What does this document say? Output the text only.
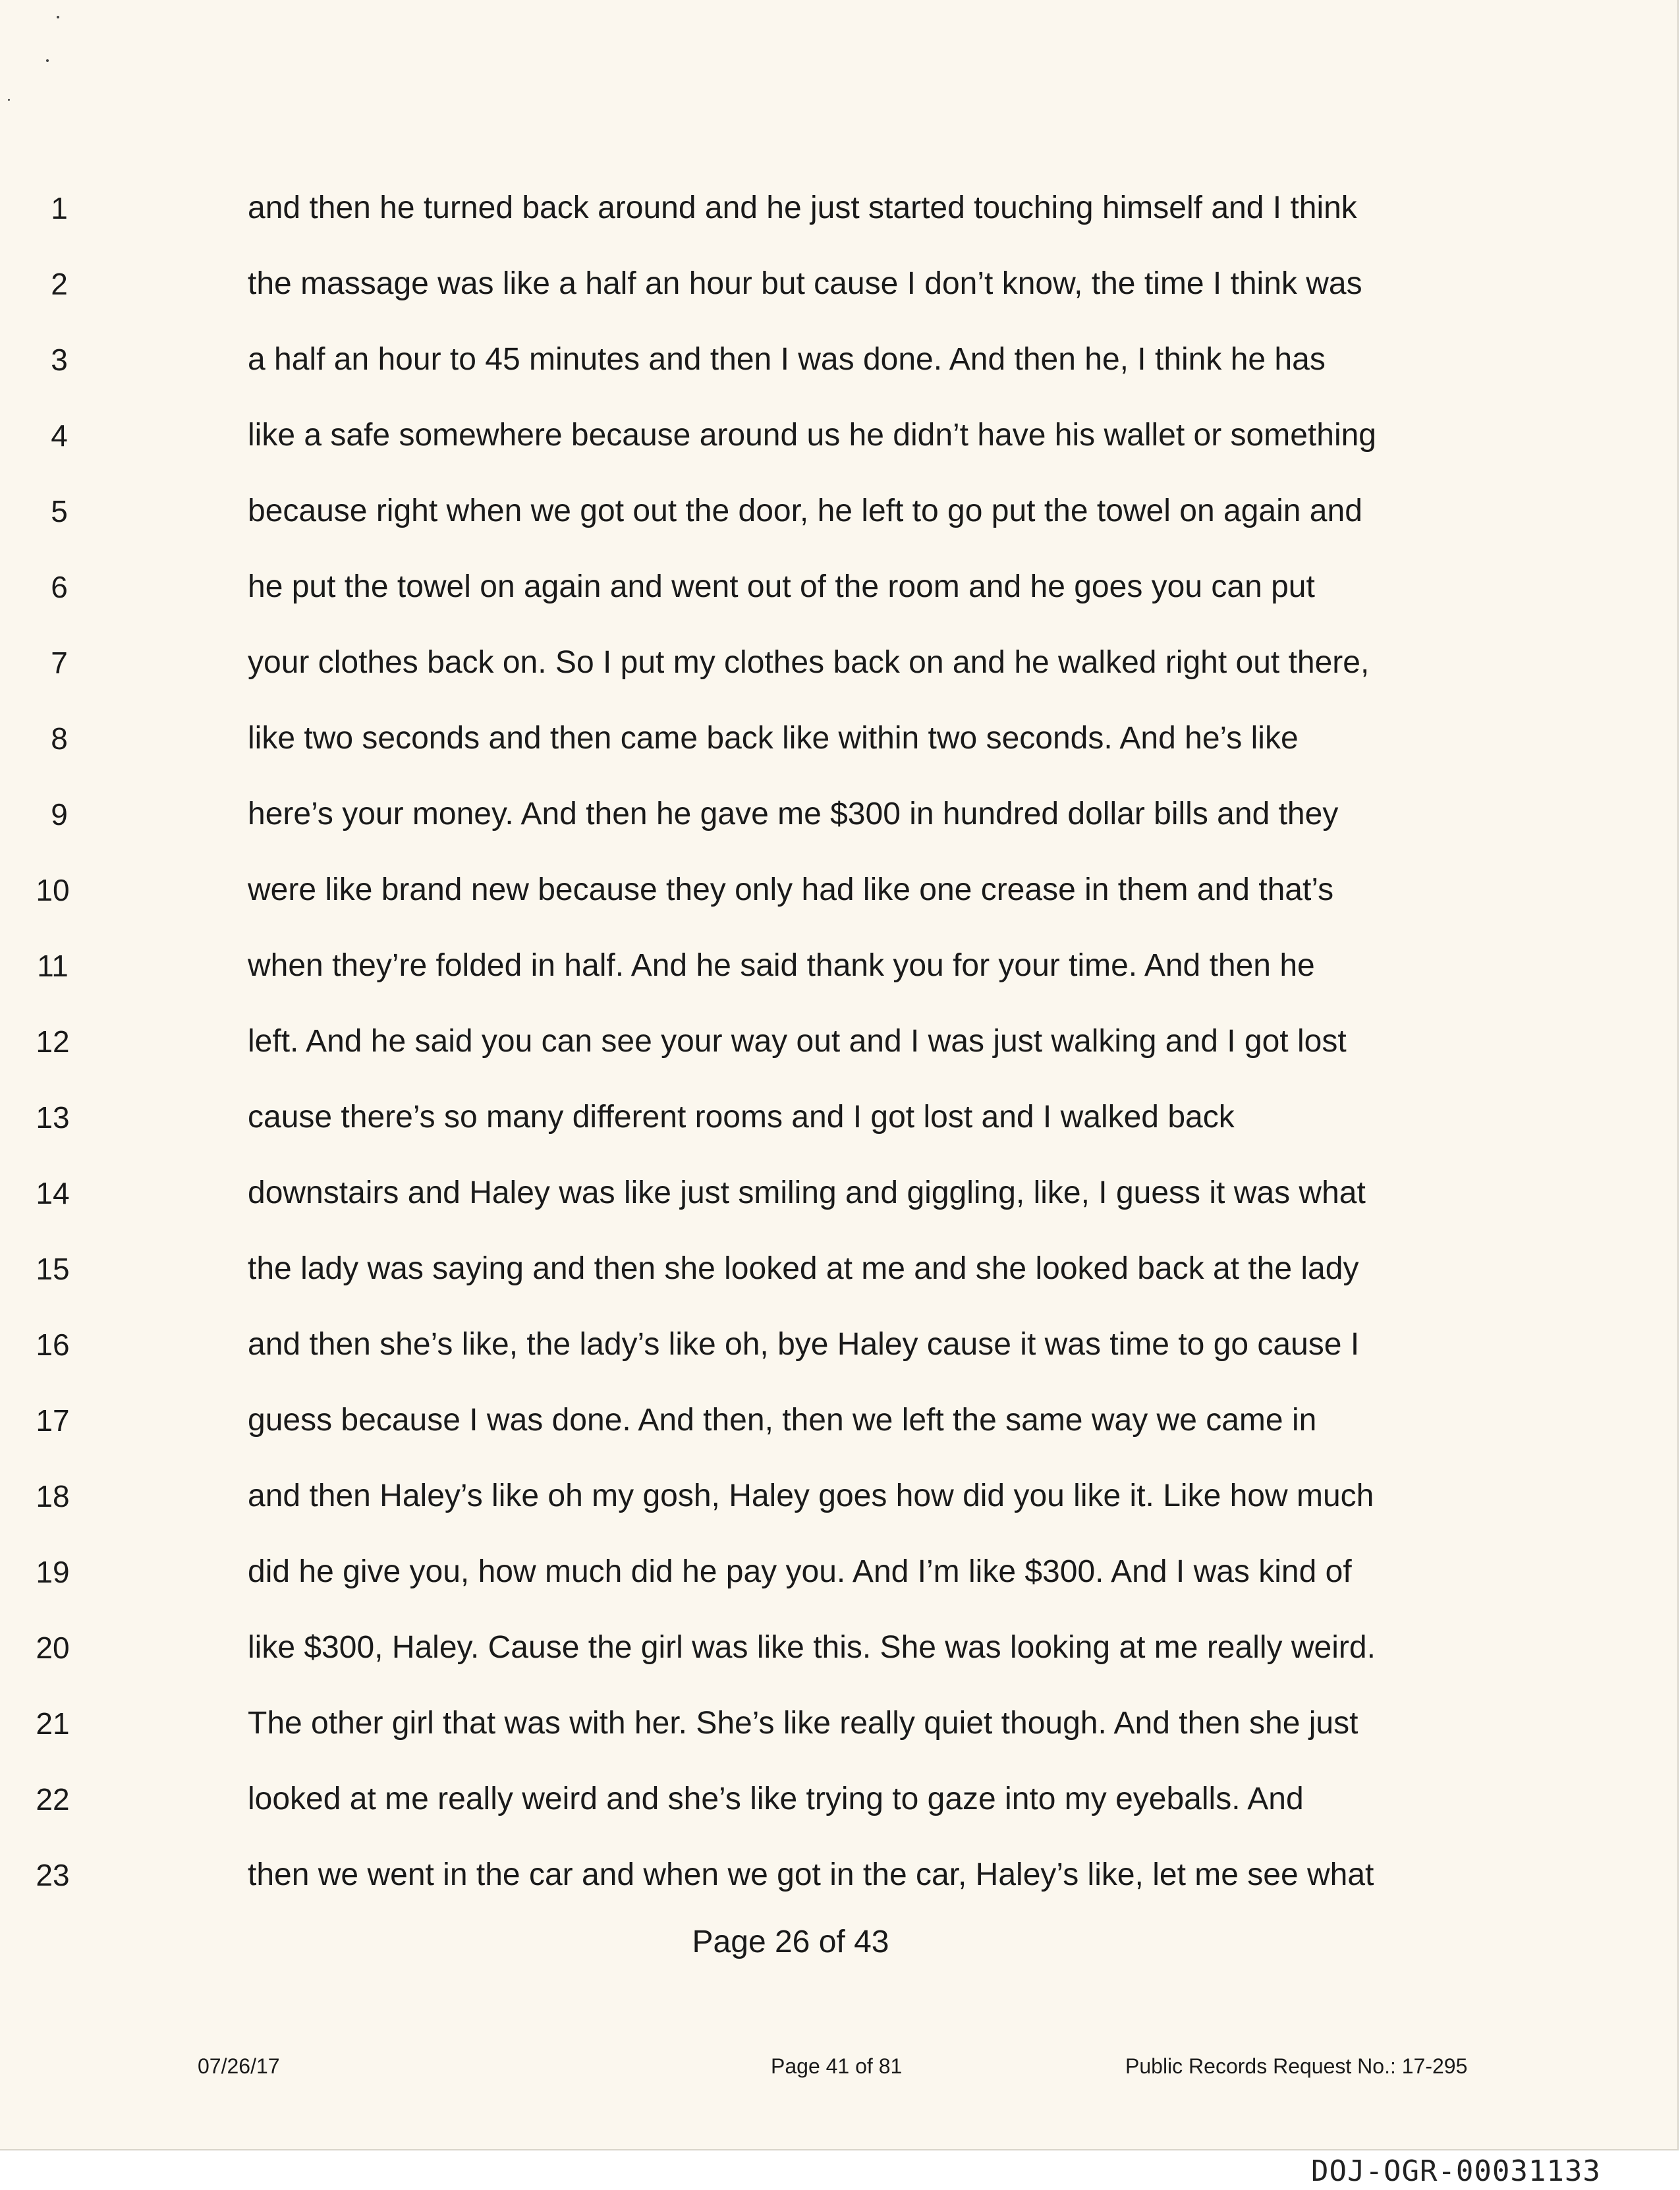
1	and then he turned back around and he just started touching himself and I think
2	the massage was like a half an hour but cause I don’t know, the time I think was
3	a half an hour to 45 minutes and then I was done. And then he, I think he has
4	like a safe somewhere because around us he didn’t have his wallet or something
5	because right when we got out the door, he left to go put the towel on again and
6	he put the towel on again and went out of the room and he goes you can put
7	your clothes back on. So I put my clothes back on and he walked right out there,
8	like two seconds and then came back like within two seconds. And he’s like
9	here’s your money. And then he gave me $300 in hundred dollar bills and they
10	were like brand new because they only had like one crease in them and that’s
11	when they’re folded in half. And he said thank you for your time. And then he
12	left. And he said you can see your way out and I was just walking and I got lost
13	cause there’s so many different rooms and I got lost and I walked back
14	downstairs and Haley was like just smiling and giggling, like, I guess it was what
15	the lady was saying and then she looked at me and she looked back at the lady
16	and then she’s like, the lady’s like oh, bye Haley cause it was time to go cause I
17	guess because I was done. And then, then we left the same way we came in
18	and then Haley’s like oh my gosh, Haley goes how did you like it. Like how much
19	did he give you, how much did he pay you. And I’m like $300. And I was kind of
20	like $300, Haley. Cause the girl was like this. She was looking at me really weird.
21	The other girl that was with her. She’s like really quiet though. And then she just
22	looked at me really weird and she’s like trying to gaze into my eyeballs. And
23	then we went in the car and when we got in the car, Haley’s like, let me see what
Page 26 of 43
07/26/17	Page 41 of 81	Public Records Request No.: 17-295
DOJ-OGR-00031133
